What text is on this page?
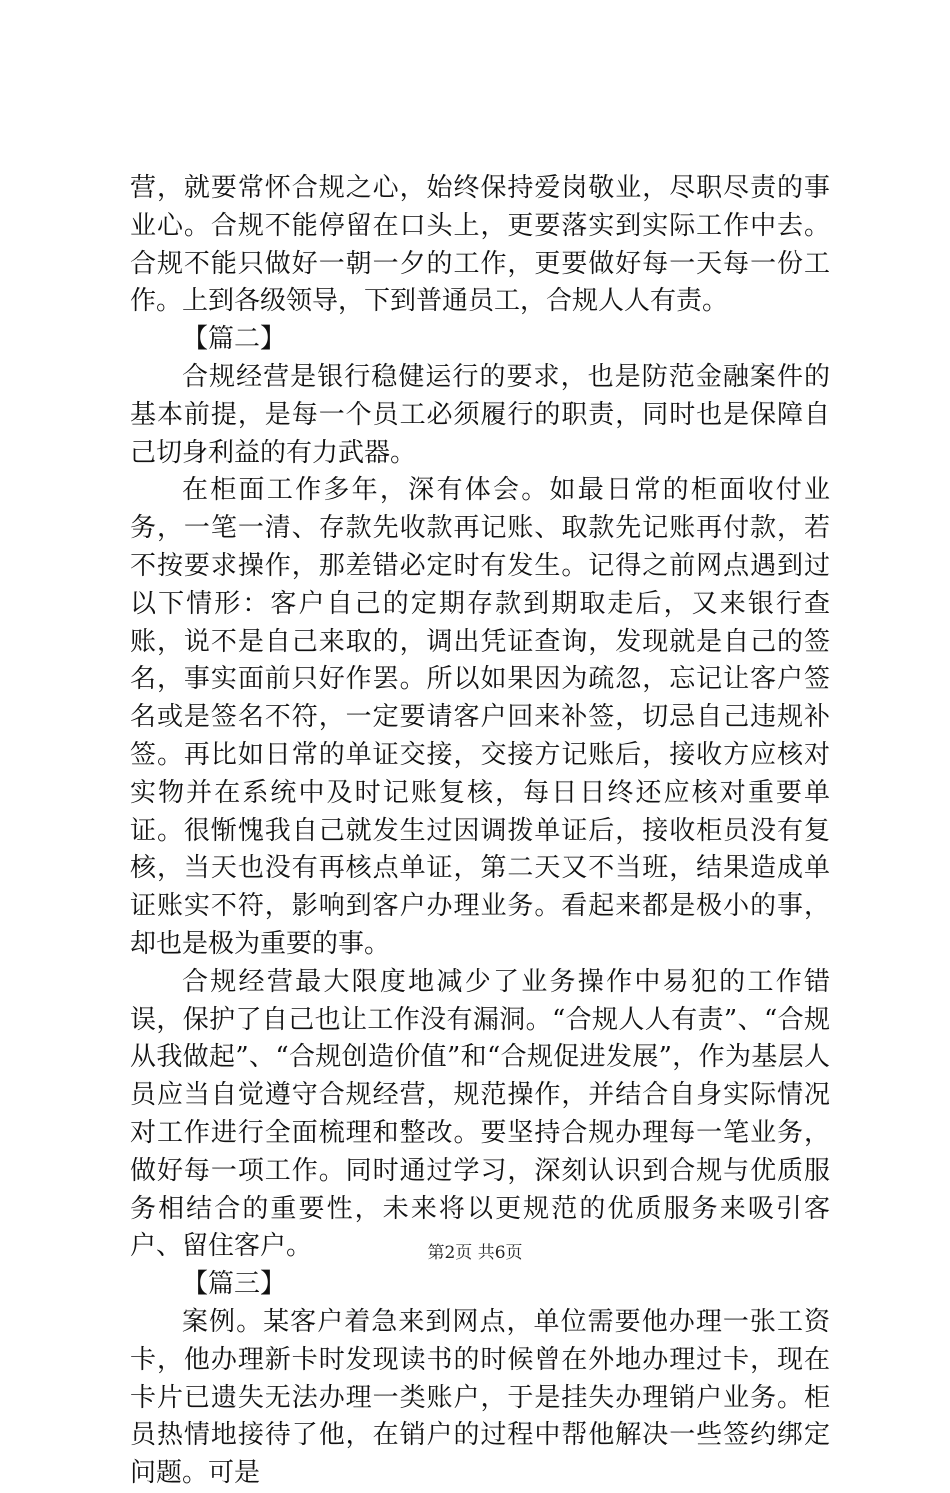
营，就要常怀合规之心，始终保持爱岗敬业，尽职尽责的事业心。合规不能停留在口头上，更要落实到实际工作中去。合规不能只做好一朝一夕的工作，更要做好每一天每一份工作。上到各级领导，下到普通员工，合规人人有责。

【篇二】

合规经营是银行稳健运行的要求，也是防范金融案件的基本前提，是每一个员工必须履行的职责，同时也是保障自己切身利益的有力武器。

在柜面工作多年，深有体会。如最日常的柜面收付业务，一笔一清、存款先收款再记账、取款先记账再付款，若不按要求操作，那差错必定时有发生。记得之前网点遇到过以下情形：客户自己的定期存款到期取走后，又来银行查账，说不是自己来取的，调出凭证查询，发现就是自己的签名，事实面前只好作罢。所以如果因为疏忽，忘记让客户签名或是签名不符，一定要请客户回来补签，切忌自己违规补签。再比如日常的单证交接，交接方记账后，接收方应核对实物并在系统中及时记账复核，每日日终还应核对重要单证。很惭愧我自己就发生过因调拨单证后，接收柜员没有复核，当天也没有再核点单证，第二天又不当班，结果造成单证账实不符，影响到客户办理业务。看起来都是极小的事，却也是极为重要的事。

合规经营最大限度地减少了业务操作中易犯的工作错误，保护了自己也让工作没有漏洞。“合规人人有责”、“合规从我做起”、“合规创造价值”和“合规促进发展”，作为基层人员应当自觉遵守合规经营，规范操作，并结合自身实际情况对工作进行全面梳理和整改。要坚持合规办理每一笔业务，做好每一项工作。同时通过学习，深刻认识到合规与优质服务相结合的重要性，未来将以更规范的优质服务来吸引客户、留住客户。

【篇三】

案例。某客户着急来到网点，单位需要他办理一张工资卡，他办理新卡时发现读书的时候曾在外地办理过卡，现在卡片已遗失无法办理一类账户，于是挂失办理销户业务。柜员热情地接待了他，在销户的过程中帮他解决一些签约绑定问题。可是

第2页 共6页
